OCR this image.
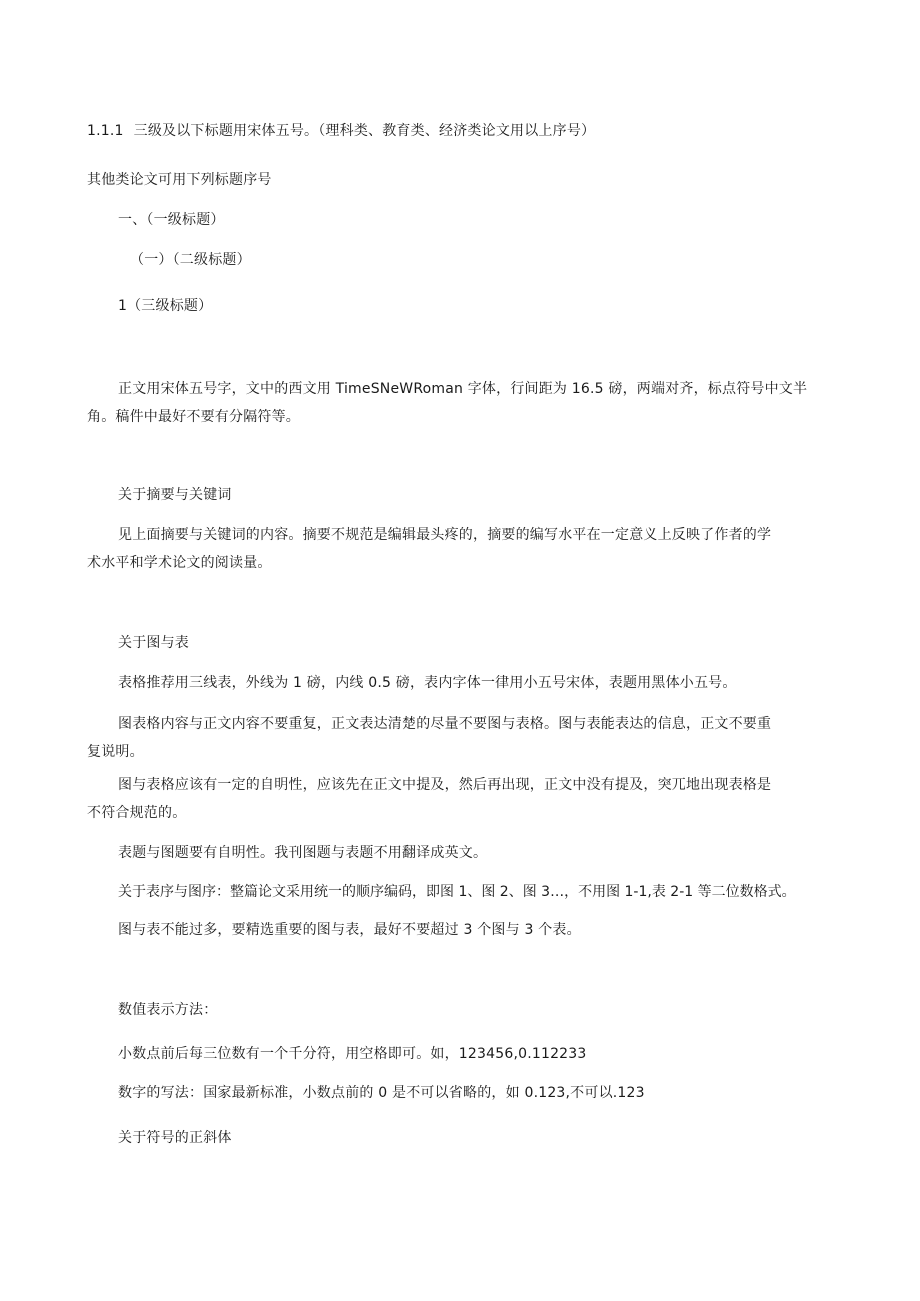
1.1.1 三级及以下标题用宋体五号。（理科类、教育类、经济类论文用以上序号）

其他类论文可用下列标题序号

一、（一级标题）

（一）（二级标题）

1（三级标题）

正文用宋体五号字，文中的西文用 TimeSNeWRoman 字体，行间距为 16.5 磅，两端对齐，标点符号中文半
角。稿件中最好不要有分隔符等。

关于摘要与关键词

见上面摘要与关键词的内容。摘要不规范是编辑最头疼的，摘要的编写水平在一定意义上反映了作者的学
术水平和学术论文的阅读量。

关于图与表

表格推荐用三线表，外线为 1 磅，内线 0.5 磅，表内字体一律用小五号宋体，表题用黑体小五号。

图表格内容与正文内容不要重复，正文表达清楚的尽量不要图与表格。图与表能表达的信息，正文不要重
复说明。
图与表格应该有一定的自明性，应该先在正文中提及，然后再出现，正文中没有提及，突兀地出现表格是
不符合规范的。

表题与图题要有自明性。我刊图题与表题不用翻译成英文。

关于表序与图序：整篇论文采用统一的顺序编码，即图 1、图 2、图 3…，不用图 1-1,表 2-1 等二位数格式。

图与表不能过多，要精选重要的图与表，最好不要超过 3 个图与 3 个表。

数值表示方法：

小数点前后每三位数有一个千分符，用空格即可。如，123456,0.112233

数字的写法：国家最新标准，小数点前的 0 是不可以省略的，如 0.123,不可以.123

关于符号的正斜体
